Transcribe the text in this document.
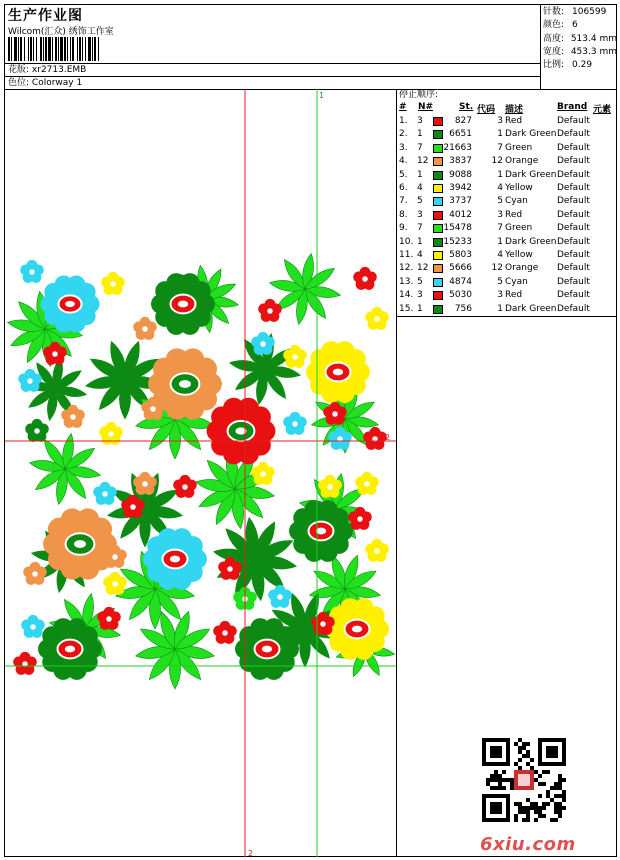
生产作业图
Wilcom(汇众) 绣饰工作室
花版: xr2713.EMB
色位: Colorway 1
针数: 106599
颜色: 6
高度: 513.4 mm
宽度: 453.3 mm
比例: 0.29
1
2
2
停止顺序:
# N#	St. 代码 描述	Brand 元素
1. 3	827	3 Red	Default
2. 1	6651	1 Dark Green Default
3. 7 21663	7 Green	Default
4. 12 3837 12 Orange Default
5. 1	9088	1 Dark Green Default
6. 4	3942	4 Yellow	Default
7. 5	3737	5 Cyan	Default
8. 3	4012	3 Red	Default
9. 7 15478	7 Green	Default
10. 1 15233	1 Dark Green Default
11. 4	5803	4 Yellow	Default
12. 12 5666 12 Orange Default
13. 5	4874	5 Cyan	Default
14. 3	5030	3 Red	Default
15. 1	756	1 Dark Green Default
6xiu.com
